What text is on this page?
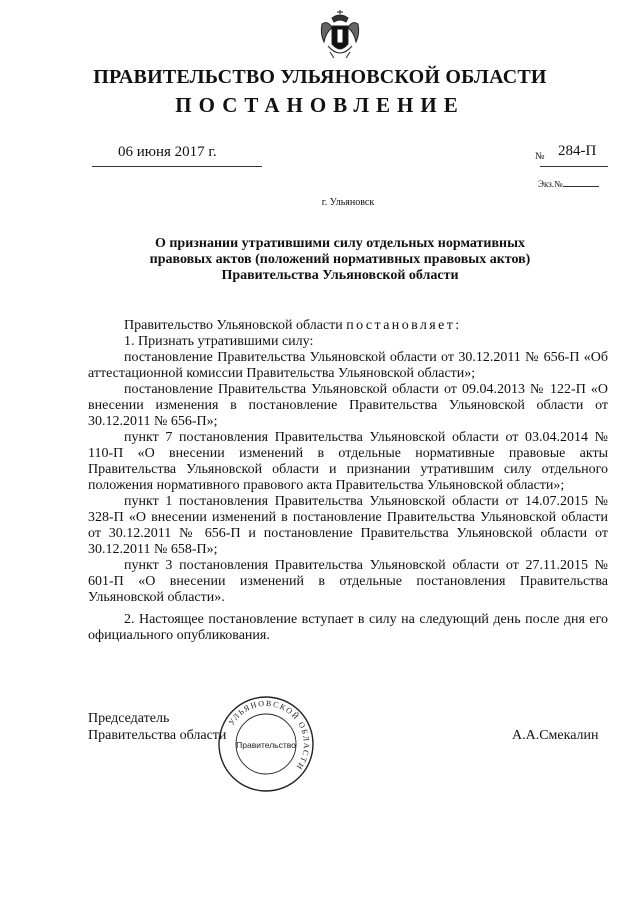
ПРАВИТЕЛЬСТВО УЛЬЯНОВСКОЙ ОБЛАСТИ
ПОСТАНОВЛЕНИЕ
06 июня 2017 г.	№ 284-П
Экз.№
г. Ульяновск
О признании утратившими силу отдельных нормативных
правовых актов (положений нормативных правовых актов)
Правительства Ульяновской области
Правительство Ульяновской области постановляет:
1. Признать утратившими силу:
постановление Правительства Ульяновской области от 30.12.2011 № 656-П «Об аттестационной комиссии Правительства Ульяновской области»;
постановление Правительства Ульяновской области от 09.04.2013 № 122-П «О внесении изменения в постановление Правительства Ульяновской области от 30.12.2011 № 656-П»;
пункт 7 постановления Правительства Ульяновской области от 03.04.2014 № 110-П «О внесении изменений в отдельные нормативные правовые акты Правительства Ульяновской области и признании утратившим силу отдельного положения нормативного правового акта Правительства Ульяновской области»;
пункт 1 постановления Правительства Ульяновской области от 14.07.2015 № 328-П «О внесении изменений в постановление Правительства Ульяновской области от 30.12.2011 № 656-П и постановление Правительства Ульяновской области от 30.12.2011 № 658-П»;
пункт 3 постановления Правительства Ульяновской области от 27.11.2015 № 601-П «О внесении изменений в отдельные постановления Правительства Ульяновской области».
2. Настоящее постановление вступает в силу на следующий день после дня его официального опубликования.
Председатель
Правительства области
УЛЬЯНОВСКОЙ ОБЛАСТИ
Правительство
А.А.Смекалин
